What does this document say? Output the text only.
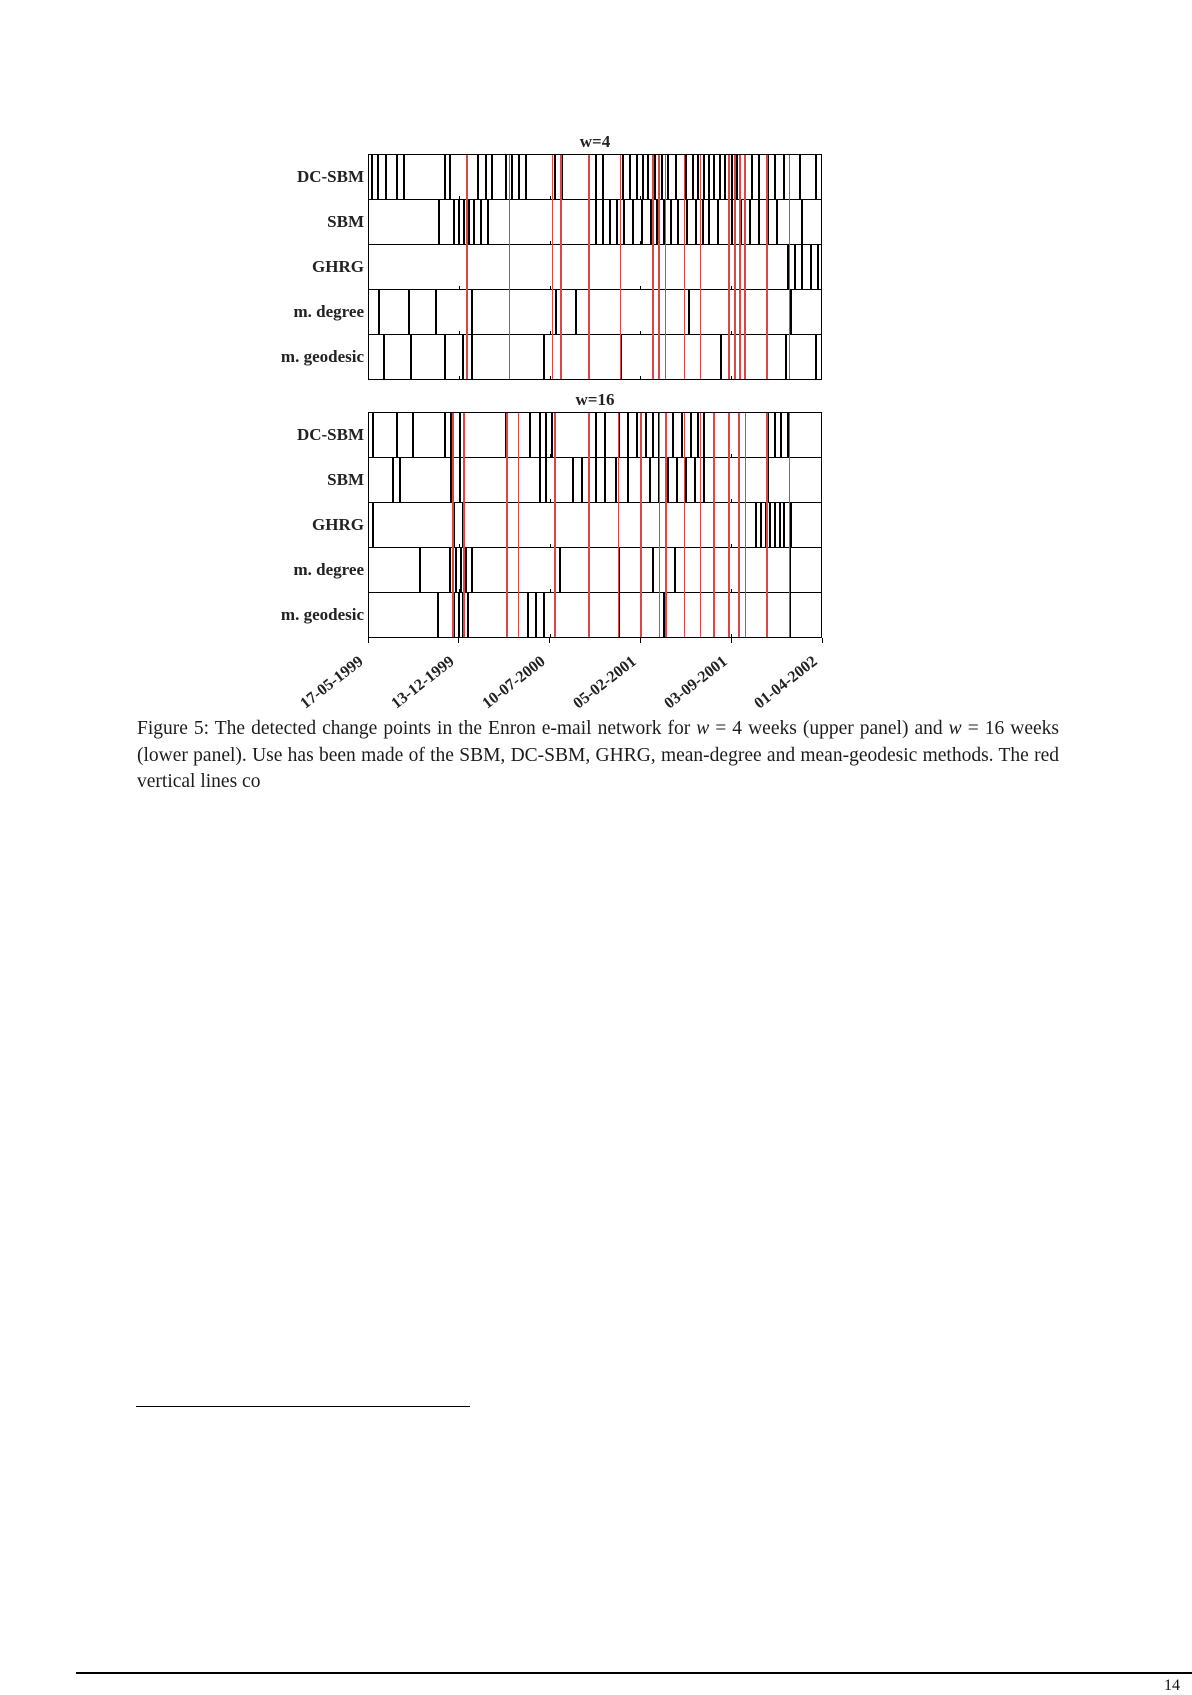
w=4
DC-SBM
SBM
GHRG
m. degree
m. geodesic
w=16
DC-SBM
SBM
GHRG
m. degree
m. geodesic
17-05-1999 13-12-1999 10-07-2000 05-02-2001 03-09-2001 01-04-2002

Figure 5: The detected change points in the Enron e-mail network for w = 4 weeks (upper panel) and w = 16 weeks (lower panel). Use has been made of the SBM, DC-SBM, GHRG, mean-degree and mean-geodesic methods. The red vertical lines co

14
